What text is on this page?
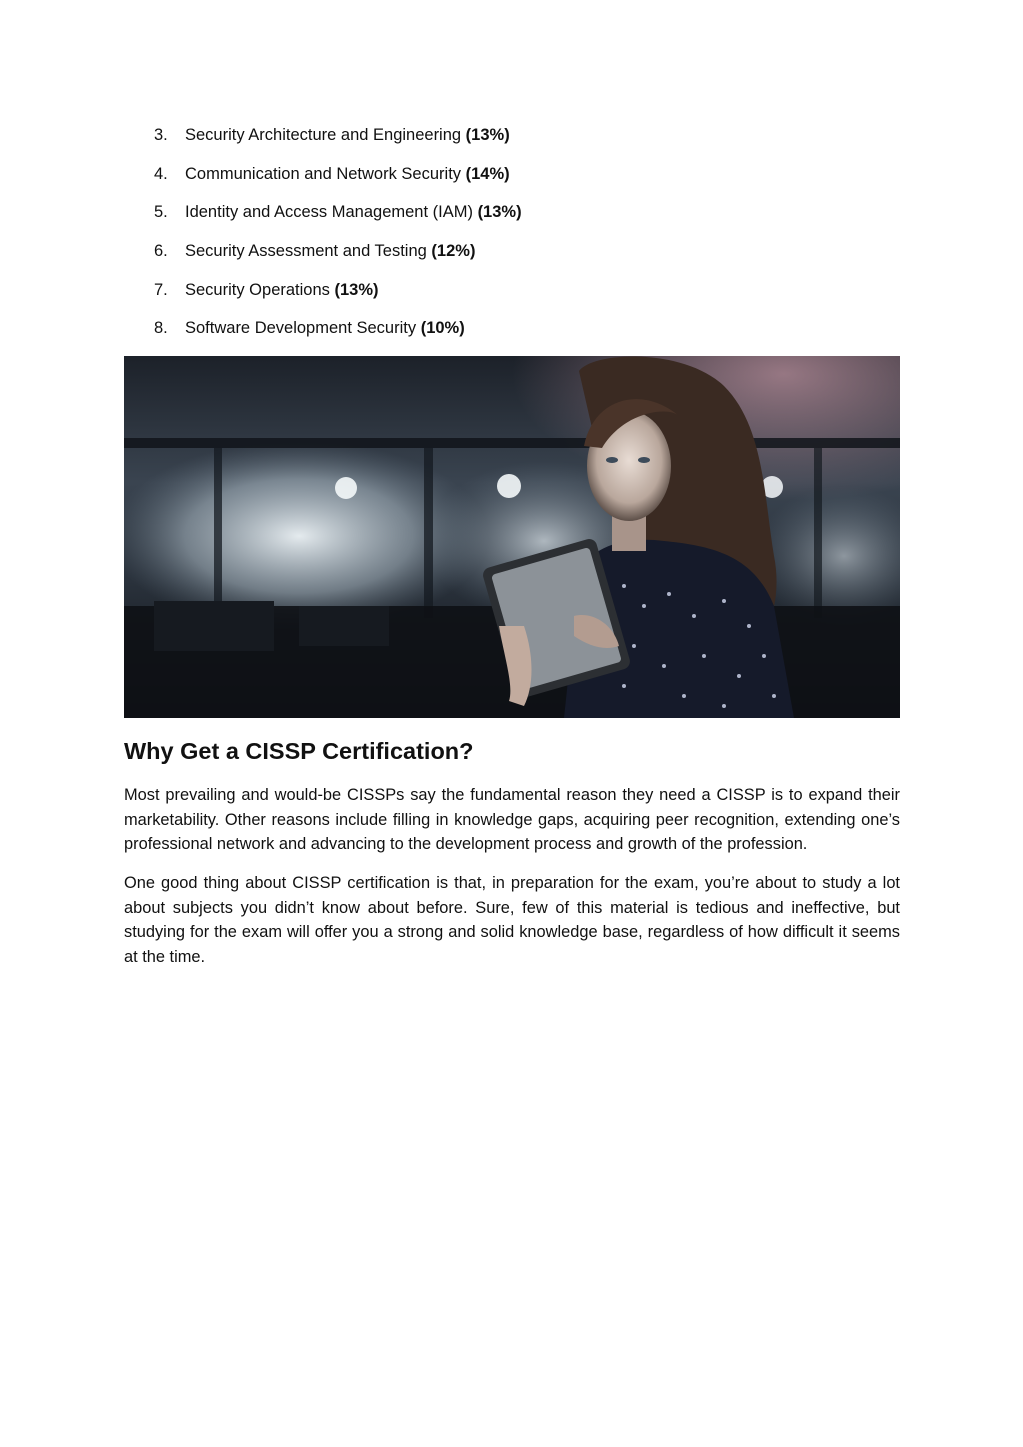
3. Security Architecture and Engineering (13%)
4. Communication and Network Security (14%)
5. Identity and Access Management (IAM) (13%)
6. Security Assessment and Testing (12%)
7. Security Operations (13%)
8. Software Development Security (10%)
Why Get a CISSP Certification?

Most prevailing and would-be CISSPs say the fundamental reason they need a CISSP is to expand their marketability. Other reasons include filling in knowledge gaps, acquiring peer recognition, extending one’s professional network and advancing to the development process and growth of the profession.

One good thing about CISSP certification is that, in preparation for the exam, you’re about to study a lot about subjects you didn’t know about before. Sure, few of this material is tedious and ineffective, but studying for the exam will offer you a strong and solid knowledge base, regardless of how difficult it seems at the time.
